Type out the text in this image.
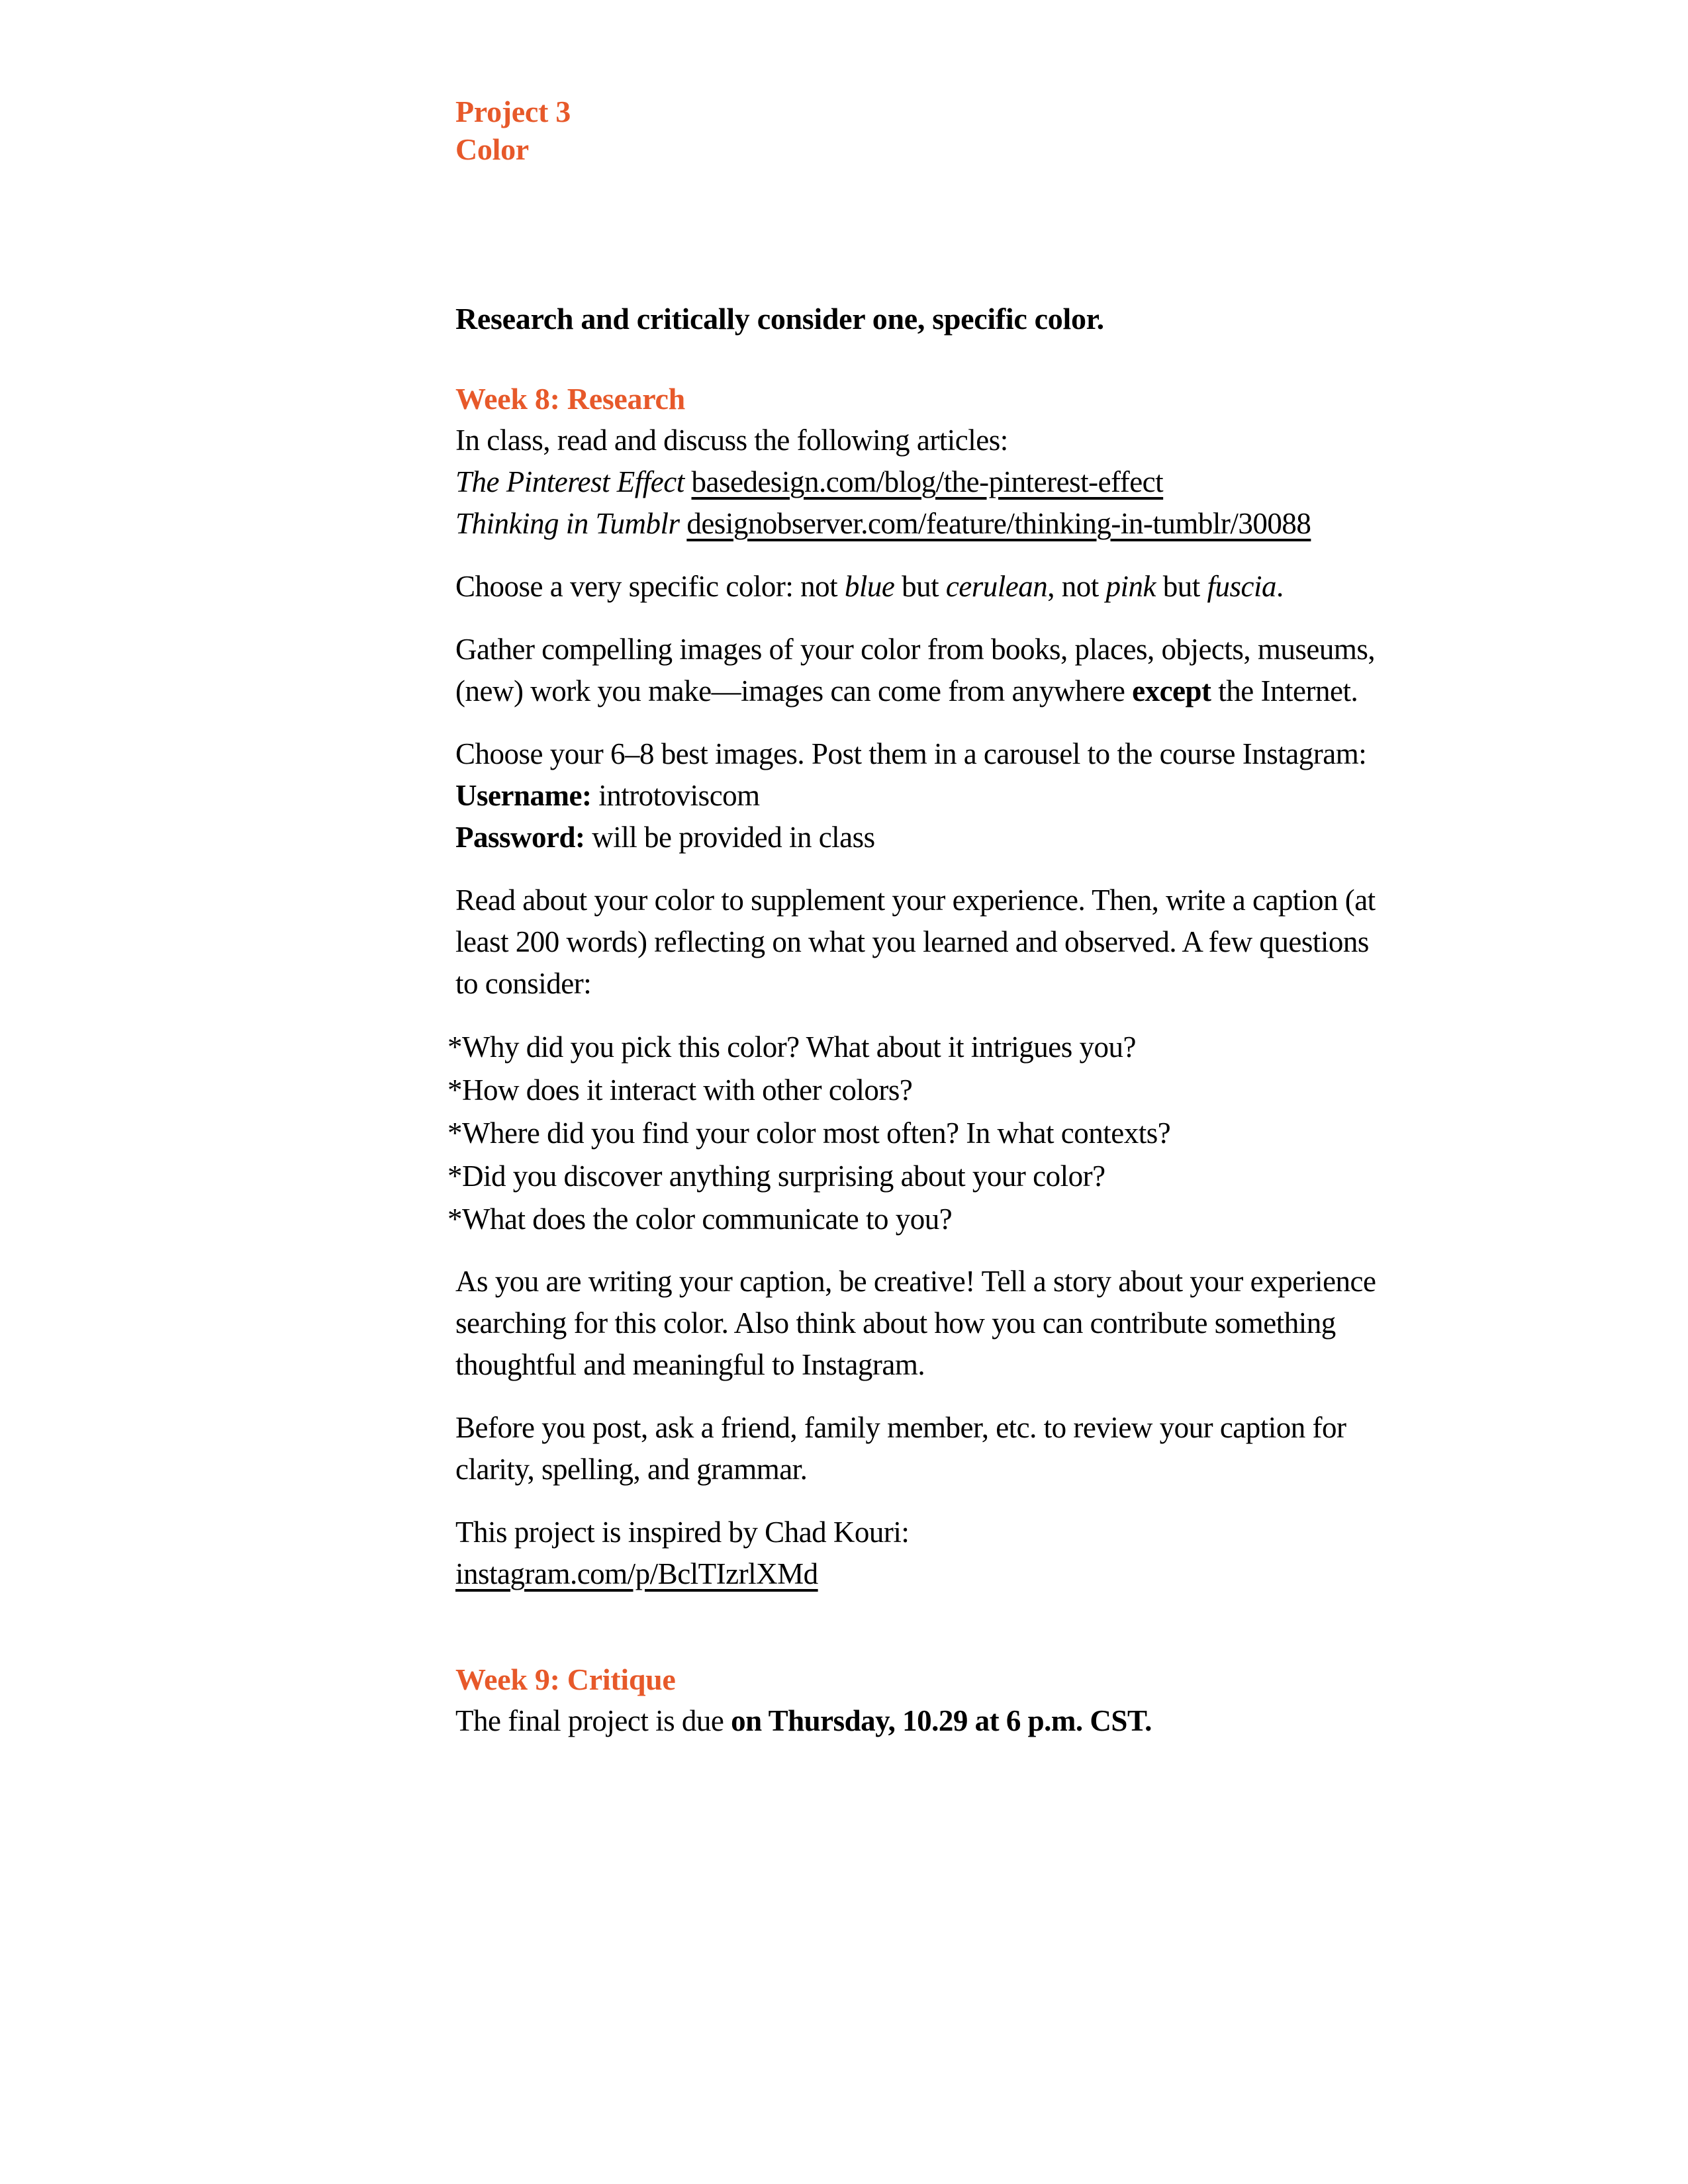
Project 3
Color

Research and critically consider one, specific color.

Week 8: Research
In class, read and discuss the following articles:
The Pinterest Effect basedesign.com/blog/the-pinterest-effect
Thinking in Tumblr designobserver.com/feature/thinking-in-tumblr/30088

Choose a very specific color: not blue but cerulean, not pink but fuscia.

Gather compelling images of your color from books, places, objects, museums,
(new) work you make—images can come from anywhere except the Internet.
Choose your 6–8 best images. Post them in a carousel to the course Instagram:
Username: introtoviscom
Password: will be provided in class
Read about your color to supplement your experience. Then, write a caption (at
least 200 words) reflecting on what you learned and observed. A few questions
to consider:
*Why did you pick this color? What about it intrigues you?
*How does it interact with other colors?
*Where did you find your color most often? In what contexts?
*Did you discover anything surprising about your color?
*What does the color communicate to you?
As you are writing your caption, be creative! Tell a story about your experience
searching for this color. Also think about how you can contribute something
thoughtful and meaningful to Instagram.
Before you post, ask a friend, family member, etc. to review your caption for
clarity, spelling, and grammar.
This project is inspired by Chad Kouri:
instagram.com/p/BclTIzrlXMd
Week 9: Critique

The final project is due on Thursday, 10.29 at 6 p.m. CST.
